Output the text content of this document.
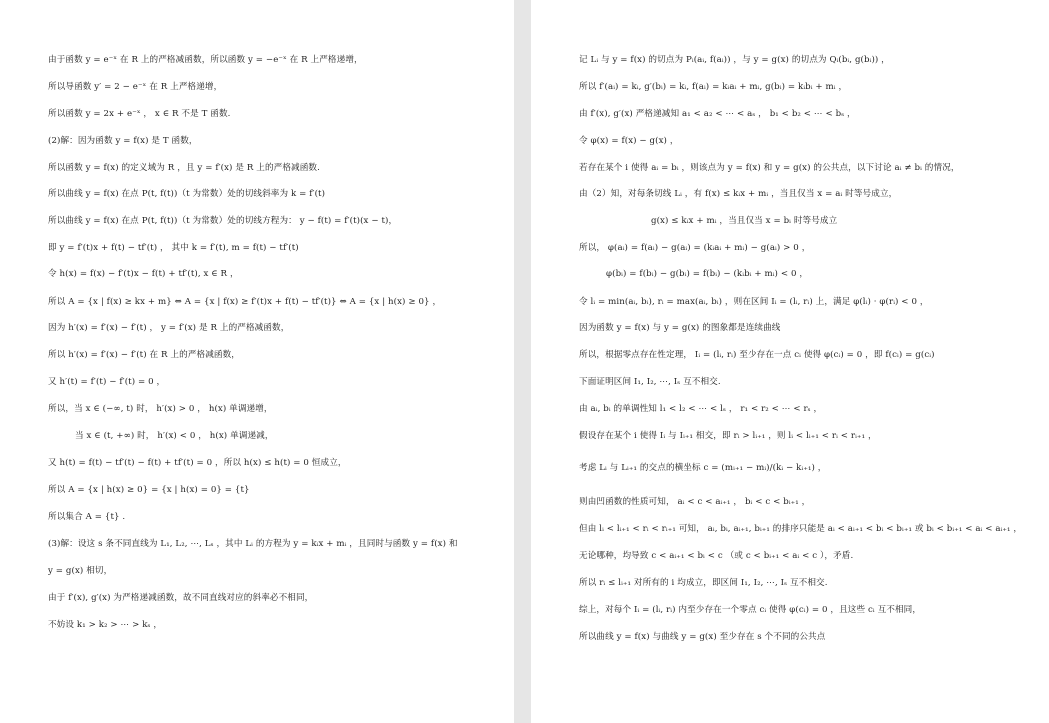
由于函数 y = e⁻ˣ 在 R 上的严格减函数，所以函数 y = −e⁻ˣ 在 R 上严格递增，
所以导函数 y′ = 2 − e⁻ˣ 在 R 上严格递增，
所以函数 y = 2x + e⁻ˣ ， x ∈ R 不是 T 函数.
(2)解：因为函数 y = f(x) 是 T 函数，
所以函数 y = f(x) 的定义域为 R ，且 y = f′(x) 是 R 上的严格减函数.
所以曲线 y = f(x) 在点 P(t, f(t))（t 为常数）处的切线斜率为 k = f′(t)
所以曲线 y = f(x) 在点 P(t, f(t))（t 为常数）处的切线方程为： y − f(t) = f′(t)(x − t)，
即 y = f′(t)x + f(t) − tf′(t) ， 其中 k = f′(t), m = f(t) − tf′(t)
令 h(x) = f(x) − f′(t)x − f(t) + tf′(t), x ∈ R ，
所以 A = {x | f(x) ≥ kx + m} ⇔ A = {x | f(x) ≥ f′(t)x + f(t) − tf′(t)} ⇔ A = {x | h(x) ≥ 0} ，
因为 h′(x) = f′(x) − f′(t) ， y = f′(x) 是 R 上的严格减函数，
所以 h′(x) = f′(x) − f′(t) 在 R 上的严格减函数，
又 h′(t) = f′(t) − f′(t) = 0 ，
所以，当 x ∈ (−∞, t) 时， h′(x) > 0 ， h(x) 单调递增，
当 x ∈ (t, +∞) 时， h′(x) < 0 ， h(x) 单调递减，
又 h(t) = f(t) − tf′(t) − f(t) + tf′(t) = 0 ，所以 h(x) ≤ h(t) = 0 恒成立，
所以 A = {x | h(x) ≥ 0} = {x | h(x) = 0} = {t}
所以集合 A = {t} .
(3)解：设这 s 条不同直线为 L₁, L₂, ⋯, Lₛ ，其中 Lᵢ 的方程为 y = kᵢx + mᵢ ，且同时与函数 y = f(x) 和
y = g(x) 相切，
由于 f′(x), g′(x) 为严格递减函数，故不同直线对应的斜率必不相同，
不妨设 k₁ > k₂ > ⋯ > kₛ ，
记 Lᵢ 与 y = f(x) 的切点为 Pᵢ(aᵢ, f(aᵢ)) ，与 y = g(x) 的切点为 Qᵢ(bᵢ, g(bᵢ)) ，
所以 f′(aᵢ) = kᵢ, g′(bᵢ) = kᵢ, f(aᵢ) = kᵢaᵢ + mᵢ, g(bᵢ) = kᵢbᵢ + mᵢ ，
由 f′(x), g′(x) 严格递减知 a₁ < a₂ < ⋯ < aₛ ， b₁ < b₂ < ⋯ < bₛ ，
令 φ(x) = f(x) − g(x) ，
若存在某个 i 使得 aᵢ = bᵢ ，则该点为 y = f(x) 和 y = g(x) 的公共点，以下讨论 aᵢ ≠ bᵢ 的情况，
由（2）知，对每条切线 Lᵢ ，有 f(x) ≤ kᵢx + mᵢ ，当且仅当 x = aᵢ 时等号成立，
g(x) ≤ kᵢx + mᵢ ，当且仅当 x = bᵢ 时等号成立
所以， φ(aᵢ) = f(aᵢ) − g(aᵢ) = (kᵢaᵢ + mᵢ) − g(aᵢ) > 0 ，
φ(bᵢ) = f(bᵢ) − g(bᵢ) = f(bᵢ) − (kᵢbᵢ + mᵢ) < 0 ，
令 lᵢ = min(aᵢ, bᵢ), rᵢ = max(aᵢ, bᵢ) ，则在区间 Iᵢ = (lᵢ, rᵢ) 上，满足 φ(lᵢ) · φ(rᵢ) < 0 ，
因为函数 y = f(x) 与 y = g(x) 的图象都是连续曲线
所以，根据零点存在性定理， Iᵢ = (lᵢ, rᵢ) 至少存在一点 cᵢ 使得 φ(cᵢ) = 0 ，即 f(cᵢ) = g(cᵢ)
下面证明区间 I₁, I₂, ⋯, Iₛ 互不相交.
由 aᵢ, bᵢ 的单调性知 l₁ < l₂ < ⋯ < lₛ ， r₁ < r₂ < ⋯ < rₛ ，
假设存在某个 i 使得 Iᵢ 与 Iᵢ₊₁ 相交，即 rᵢ > lᵢ₊₁ ，则 lᵢ < lᵢ₊₁ < rᵢ < rᵢ₊₁ ，
考虑 Lᵢ 与 Lᵢ₊₁ 的交点的横坐标 c = (mᵢ₊₁ − mᵢ)/(kᵢ − kᵢ₊₁) ，
则由凹函数的性质可知， aᵢ < c < aᵢ₊₁ ， bᵢ < c < bᵢ₊₁ ，
但由 lᵢ < lᵢ₊₁ < rᵢ < rᵢ₊₁ 可知， aᵢ, bᵢ, aᵢ₊₁, bᵢ₊₁ 的排序只能是 aᵢ < aᵢ₊₁ < bᵢ < bᵢ₊₁ 或 bᵢ < bᵢ₊₁ < aᵢ < aᵢ₊₁ ，
无论哪种，均导致 c < aᵢ₊₁ < bᵢ < c （或 c < bᵢ₊₁ < aᵢ < c ），矛盾.
所以 rᵢ ≤ lᵢ₊₁ 对所有的 i 均成立，即区间 I₁, I₂, ⋯, Iₛ 互不相交.
综上，对每个 Iᵢ = (lᵢ, rᵢ) 内至少存在一个零点 cᵢ 使得 φ(cᵢ) = 0 ，且这些 cᵢ 互不相同，
所以曲线 y = f(x) 与曲线 y = g(x) 至少存在 s 个不同的公共点
